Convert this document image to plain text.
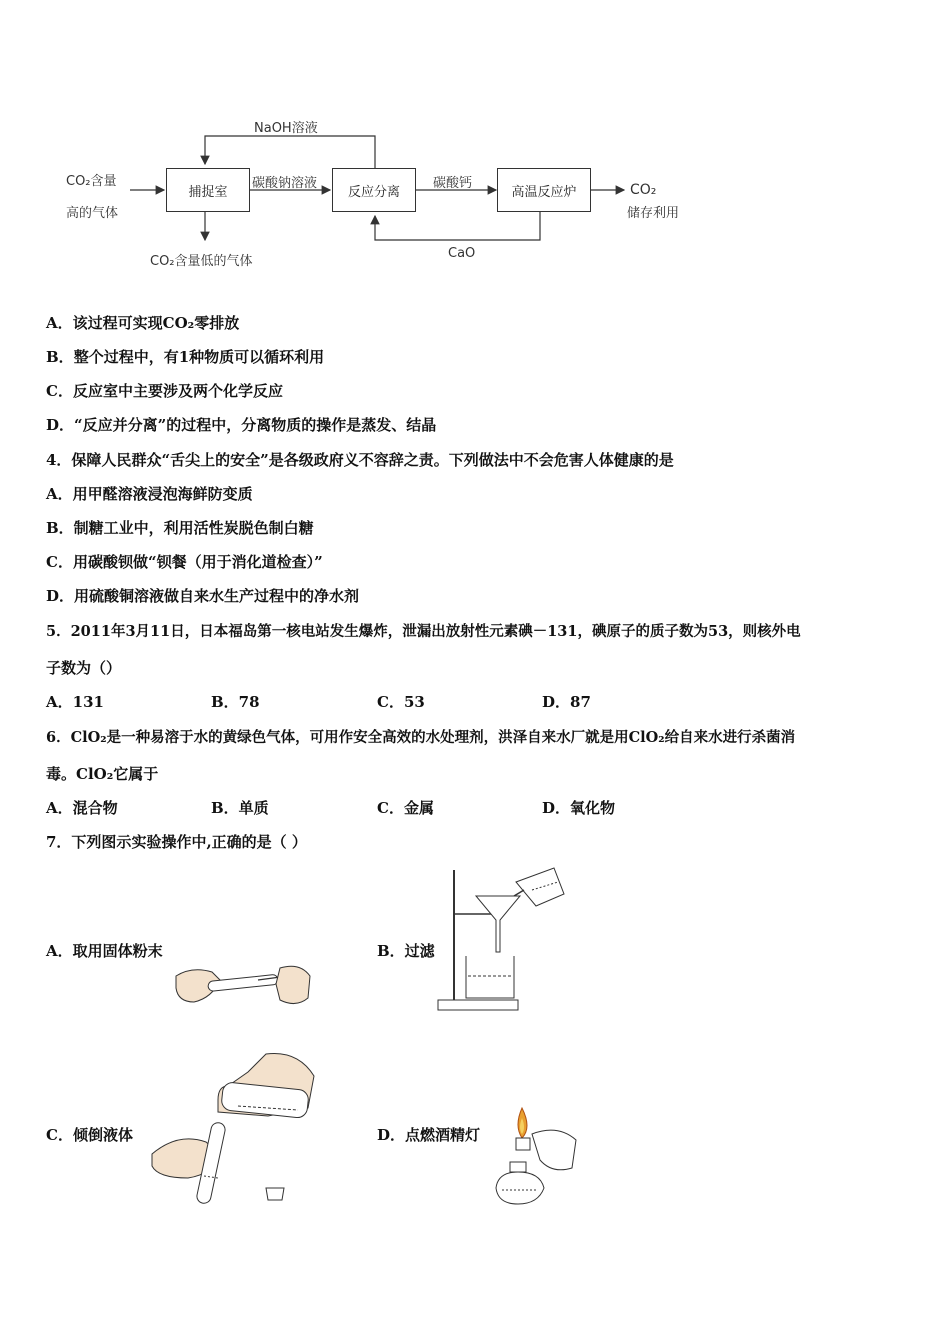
NaOH溶液
CO₂含量
高的气体
捕捉室
碳酸钠溶液
反应分离
碳酸钙
高温反应炉	CO₂
储存利用
CO₂含量低的气体
CaO
A．该过程可实现CO₂零排放
B．整个过程中，有1种物质可以循环利用
C．反应室中主要涉及两个化学反应
D．“反应并分离”的过程中，分离物质的操作是蒸发、结晶
4．保障人民群众“舌尖上的安全”是各级政府义不容辞之责。下列做法中不会危害人体健康的是
A．用甲醛溶液浸泡海鲜防变质
B．制糖工业中，利用活性炭脱色制白糖
C．用碳酸钡做“钡餐（用于消化道检查）”
D．用硫酸铜溶液做自来水生产过程中的净水剂
5．2011年3月11日，日本福岛第一核电站发生爆炸，泄漏出放射性元素碘－131，碘原子的质子数为53，则核外电
子数为（）
A．131	B．78	C．53	D．87
6．ClO₂是一种易溶于水的黄绿色气体，可用作安全高效的水处理剂，洪泽自来水厂就是用ClO₂给自来水进行杀菌消
毒。ClO₂它属于
A．混合物	B．单质	C．金属	D．氧化物
7．下列图示实验操作中,正确的是（ ）
A．取用固体粉末	B．过滤
C．倾倒液体	D．点燃酒精灯
